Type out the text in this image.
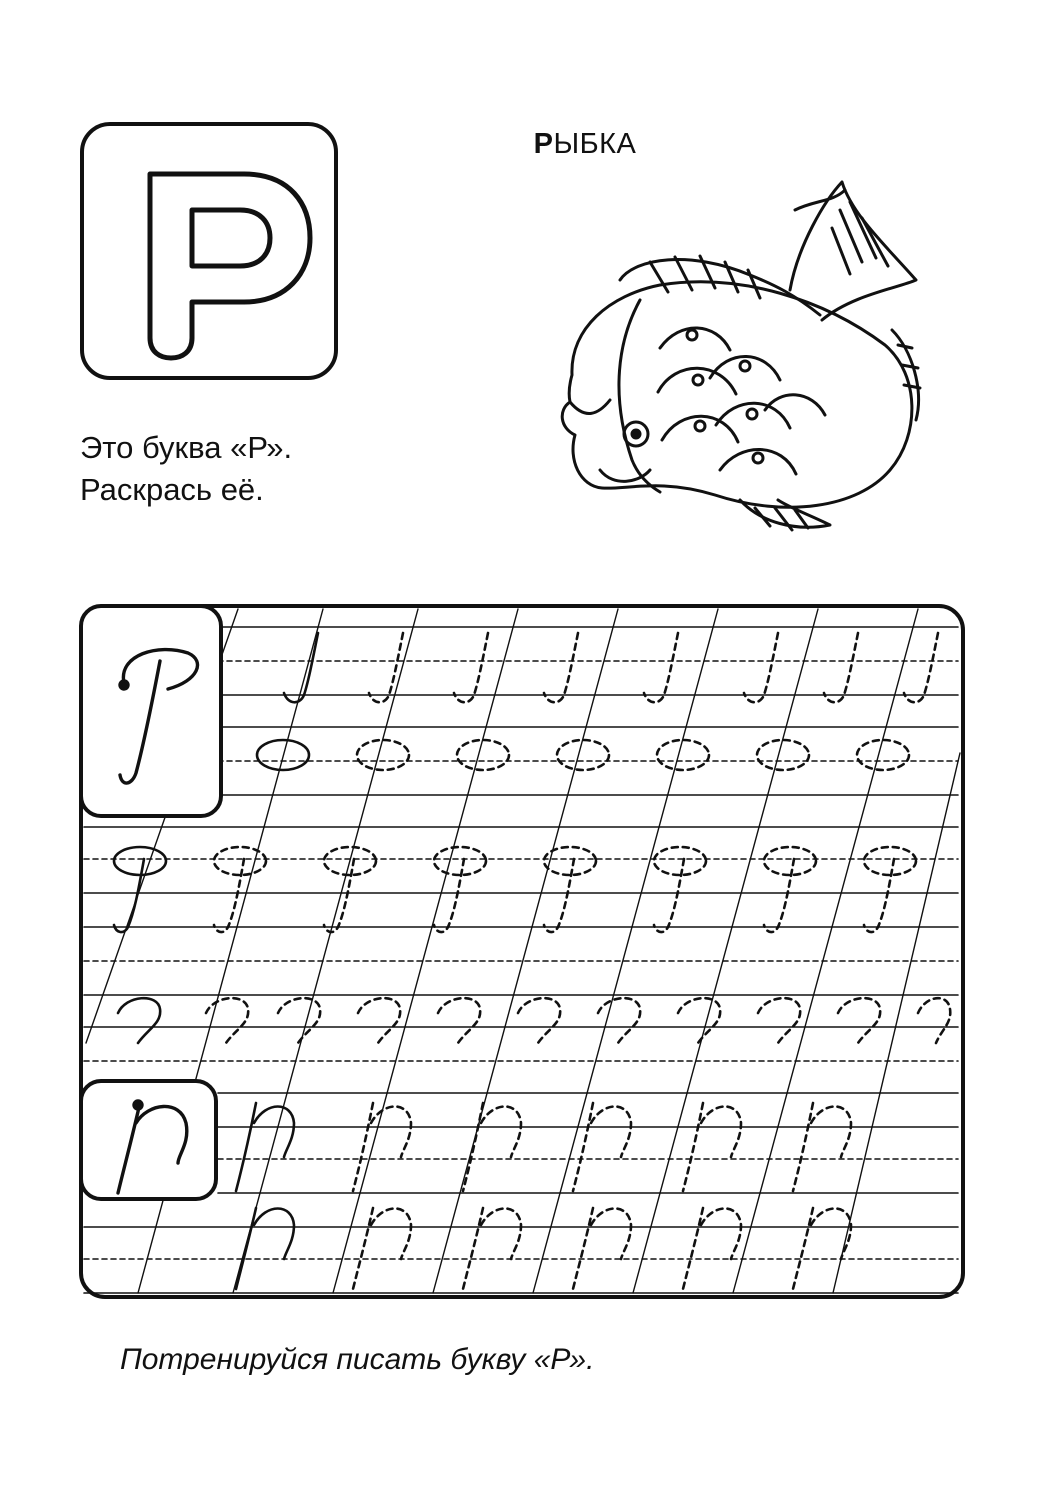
Это буква «Р».
Раскрась её.
РЫБКА
Потренируйся писать букву «Р».
